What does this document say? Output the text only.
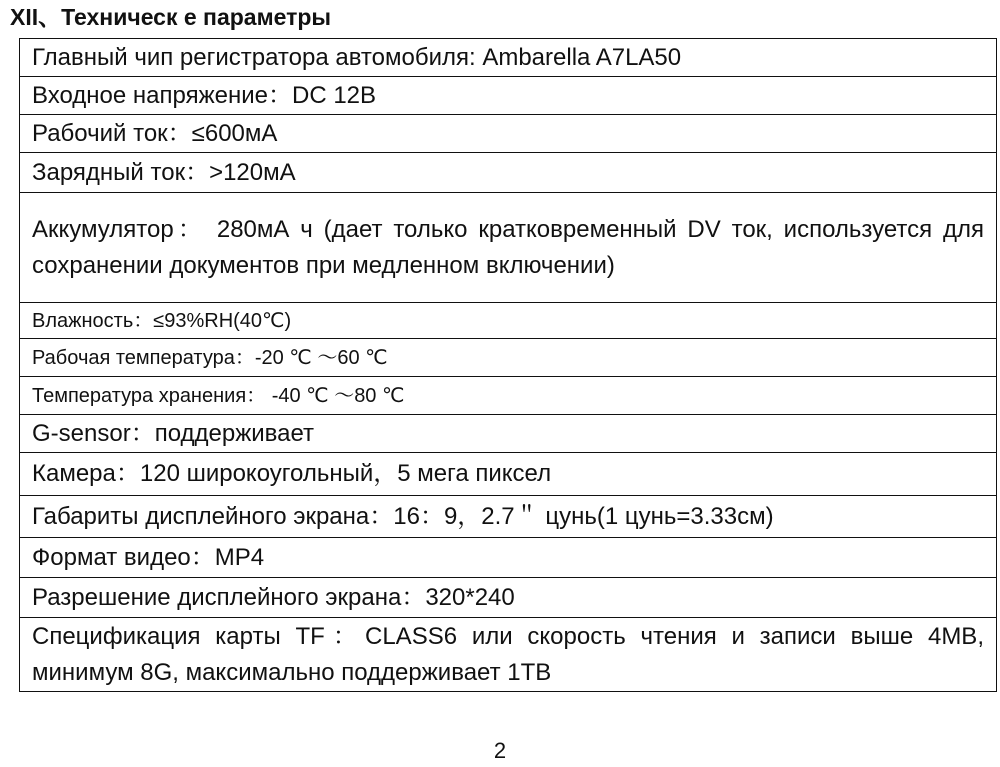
XII、Техническ е параметры
Главный чип регистратора автомобиля: Ambarella A7LA50
Входное напряжение：DC 12В
Рабочий ток：≤600мА
Зарядный ток：>120мА
Аккумулятор： 280мА ч (дает только кратковременный DV ток, используется для сохранении документов при медленном включении)
Влажность：≤93%RH(40℃)
Рабочая температура：-20 ℃ ～60 ℃
Температура хранения： -40 ℃ ～80 ℃
G-sensor：поддерживает
Камера：120 широкоугольный，5 мега пиксел
Габариты дисплейного экрана：16：9，2.7＂ цунь(1 цунь=3.33см)
Формат видео：MP4
Разрешение дисплейного экрана：320*240
Спецификация карты TF：CLASS6 или скорость чтения и записи выше 4MB, минимум 8G, максимально поддерживает 1TB
2
